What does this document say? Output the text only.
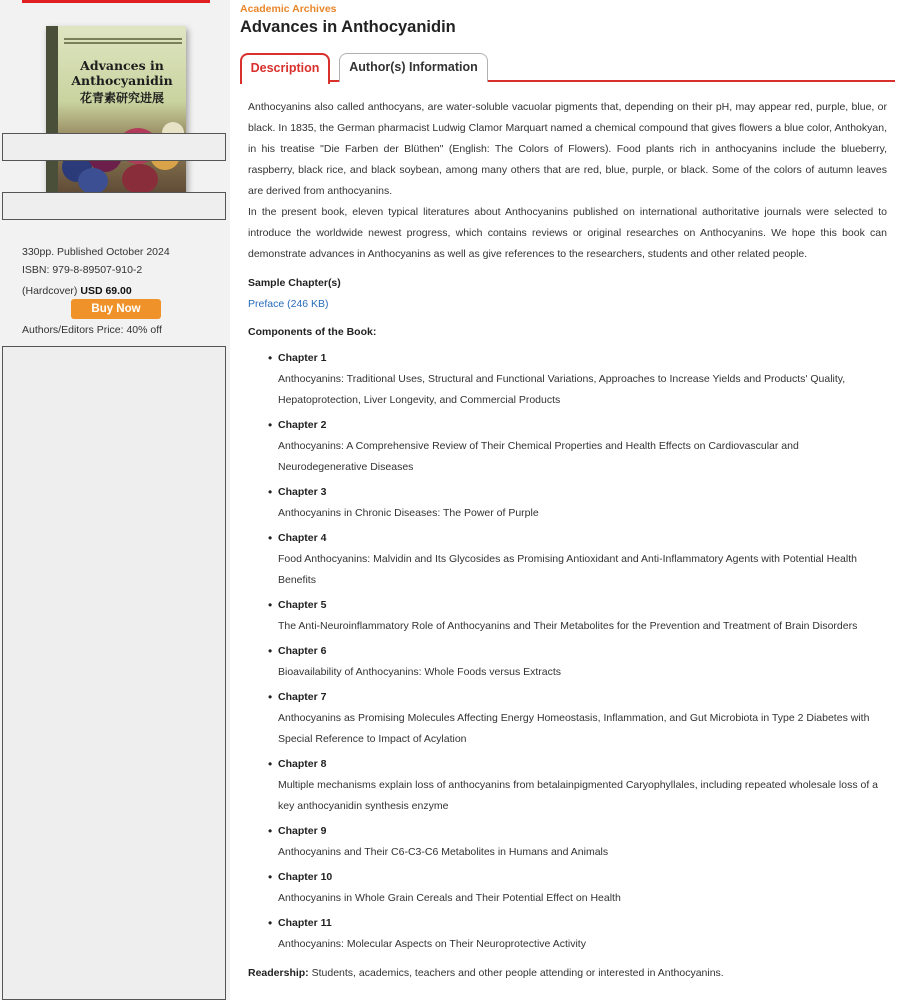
Advances in
Anthocyanidin
花青素研究进展
330pp. Published October 2024
ISBN: 979-8-89507-910-2
(Hardcover) USD 69.00
Buy Now
Authors/Editors Price: 40% off
Academic Archives
Advances in Anthocyanidin
Description	Author(s) Information

Anthocyanins also called anthocyans, are water-soluble vacuolar pigments that, depending on their pH, may appear red, purple, blue, or black. In 1835, the German pharmacist Ludwig Clamor Marquart named a chemical compound that gives flowers a blue color, Anthokyan, in his treatise "Die Farben der Blüthen" (English: The Colors of Flowers). Food plants rich in anthocyanins include the blueberry, raspberry, black rice, and black soybean, among many others that are red, blue, purple, or black. Some of the colors of autumn leaves are derived from anthocyanins.

In the present book, eleven typical literatures about Anthocyanins published on international authoritative journals were selected to introduce the worldwide newest progress, which contains reviews or original researches on Anthocyanins. We hope this book can demonstrate advances in Anthocyanins as well as give references to the researchers, students and other related people.

Sample Chapter(s)
Preface (246 KB)
Components of the Book:
• Chapter 1
Anthocyanins: Traditional Uses, Structural and Functional Variations, Approaches to Increase Yields and Products' Quality, Hepatoprotection, Liver Longevity, and Commercial Products
• Chapter 2
Anthocyanins: A Comprehensive Review of Their Chemical Properties and Health Effects on Cardiovascular and Neurodegenerative Diseases
• Chapter 3
Anthocyanins in Chronic Diseases: The Power of Purple
• Chapter 4
Food Anthocyanins: Malvidin and Its Glycosides as Promising Antioxidant and Anti-Inflammatory Agents with Potential Health Benefits
• Chapter 5
The Anti-Neuroinflammatory Role of Anthocyanins and Their Metabolites for the Prevention and Treatment of Brain Disorders
• Chapter 6
Bioavailability of Anthocyanins: Whole Foods versus Extracts
• Chapter 7
Anthocyanins as Promising Molecules Affecting Energy Homeostasis, Inflammation, and Gut Microbiota in Type 2 Diabetes with Special Reference to Impact of Acylation
• Chapter 8
Multiple mechanisms explain loss of anthocyanins from betalainpigmented Caryophyllales, including repeated wholesale loss of a key anthocyanidin synthesis enzyme
• Chapter 9
Anthocyanins and Their C6-C3-C6 Metabolites in Humans and Animals
• Chapter 10
Anthocyanins in Whole Grain Cereals and Their Potential Effect on Health
• Chapter 11
Anthocyanins: Molecular Aspects on Their Neuroprotective Activity
Readership: Students, academics, teachers and other people attending or interested in Anthocyanins.
